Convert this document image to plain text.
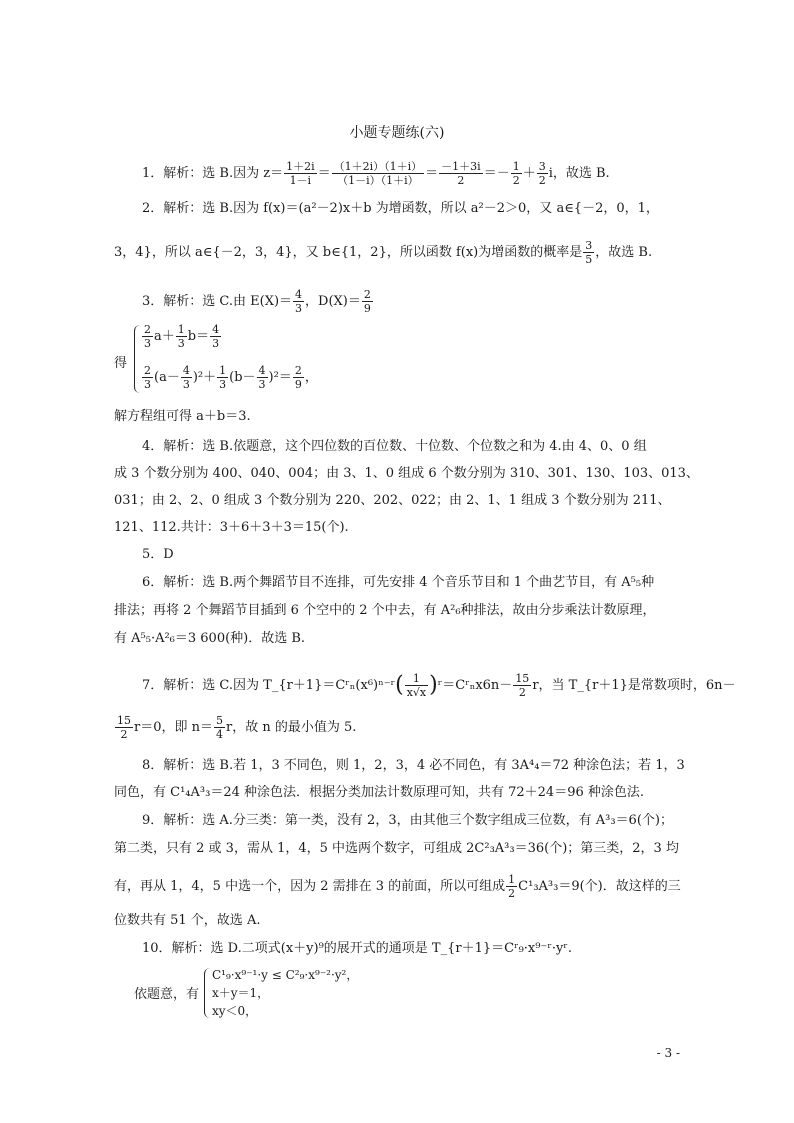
小题专题练(六)
1．解析：选 B.因为 $z= \frac{1+2i}{1-i} = \frac{(1+2i)(1+i)}{(1-i)(1+i)} = \frac{-1+3i}{2} =- \frac{1}{2} + \frac{3}{2}$ i，故选 B.
2．解析：选 B.因为 f(x)＝(a²－2)x＋b 为增函数，所以 a²－2＞0，又 a∈{－2，0，1，
3，4}，所以 a∈{－2，3，4}，又 b∈{1，2}，所以函数 f(x)为增函数的概率是 $\frac{3}{5}$ ，故选 B.
3．解析：选 C.由 $E(X)= \frac{4}{3}$ ，$D(X)= \frac{2}{9}$
得
$\frac{2}{3} a+ \frac{1}{3} b= \frac{4}{3}$
$\frac{2}{3} (a- \frac{4}{3} )^2+ \frac{1}{3} (b- \frac{4}{3} )^2= \frac{2}{9}$ ，
解方程组可得 a＋b＝3.
4．解析：选 B.依题意，这个四位数的百位数、十位数、个位数之和为 4.由 4、0、0 组
成 3 个数分别为 400、040、004；由 3、1、0 组成 6 个数分别为 310、301、130、103、013、
031；由 2、2、0 组成 3 个数分别为 220、202、022；由 2、1、1 组成 3 个数分别为 211、
121、112.共计：3＋6＋3＋3＝15(个).
5．D
6．解析：选 B.两个舞蹈节目不连排，可先安排 4 个音乐节目和 1 个曲艺节目，有 A⁵₅种
排法；再将 2 个舞蹈节目插到 6 个空中的 2 个中去，有 A²₆种排法，故由分步乘法计数原理，
有 A⁵₅·A²₆＝3 600(种)．故选 B.
7．解析：选 C.因为 T_{r＋1}＝Cʳₙ(x⁶)ⁿ⁻ʳ( $\frac{1}{x√x}$ )ʳ＝Cʳₙx6n－ $\frac{15}{2}$ r，当 T_{r＋1}是常数项时，6n－
$\frac{15}{2} r=0$，即 $n= \frac{5}{4}$ r，故 n 的最小值为 5.
8．解析：选 B.若 1，3 不同色，则 1，2，3，4 必不同色，有 3A⁴₄＝72 种涂色法；若 1，3
同色，有 C¹₄A³₃＝24 种涂色法．根据分类加法计数原理可知，共有 72＋24＝96 种涂色法.
9．解析：选 A.分三类：第一类，没有 2，3，由其他三个数字组成三位数，有 A³₃＝6(个)；
第二类，只有 2 或 3，需从 1，4，5 中选两个数字，可组成 2C²₃A³₃＝36(个)；第三类，2，3 均
有，再从 1，4，5 中选一个，因为 2 需排在 3 的前面，所以可组成 $\frac{1}{2} C^1_3A^3_3=9$(个)．故这样的三
位数共有 51 个，故选 A.
10．解析：选 D.二项式(x＋y)⁹的展开式的通项是 T_{r＋1}＝Cʳ₉·x⁹⁻ʳ·yʳ.
依题意，有
C¹₉·x⁹⁻¹·y ≤ C²₉·x⁹⁻²·y²，
x＋y＝1，
xy＜0，
- 3 -
